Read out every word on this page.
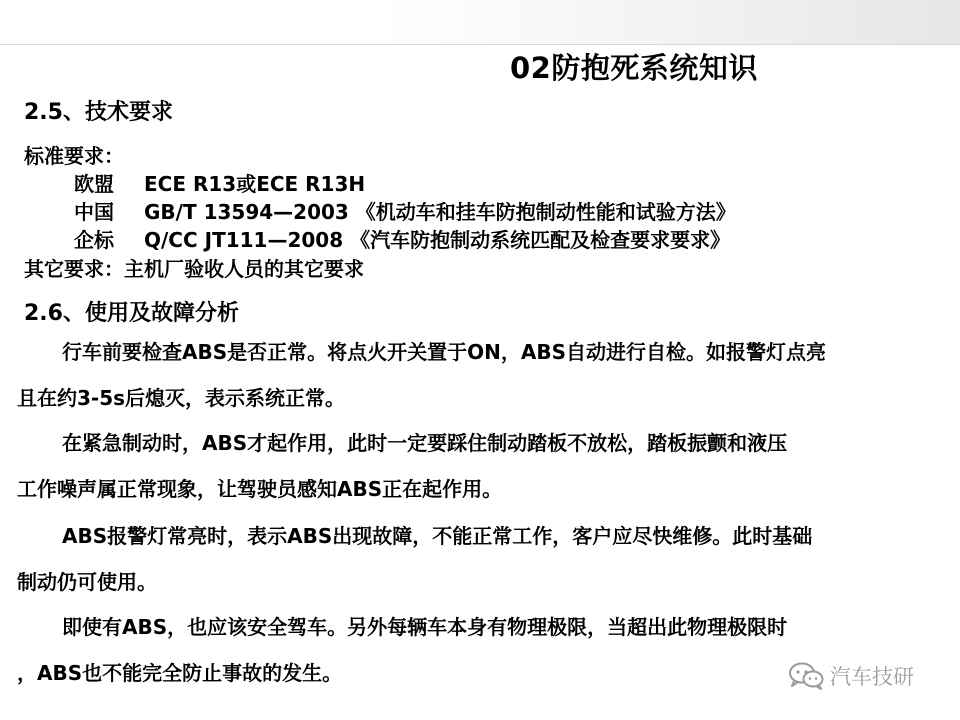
02防抱死系统知识
2.5、技术要求
标准要求：
欧盟 ECE R13或ECE R13H
中国 GB/T 13594—2003 《机动车和挂车防抱制动性能和试验方法》
企标 Q/CC JT111—2008 《汽车防抱制动系统匹配及检查要求要求》
其它要求：主机厂验收人员的其它要求
2.6、使用及故障分析
行车前要检查ABS是否正常。将点火开关置于ON，ABS自动进行自检。如报警灯点亮
且在约3-5s后熄灭，表示系统正常。
在紧急制动时，ABS才起作用，此时一定要踩住制动踏板不放松，踏板振颤和液压
工作噪声属正常现象，让驾驶员感知ABS正在起作用。
ABS报警灯常亮时，表示ABS出现故障，不能正常工作，客户应尽快维修。此时基础
制动仍可使用。
即使有ABS，也应该安全驾车。另外每辆车本身有物理极限，当超出此物理极限时
，ABS也不能完全防止事故的发生。	汽车技研
